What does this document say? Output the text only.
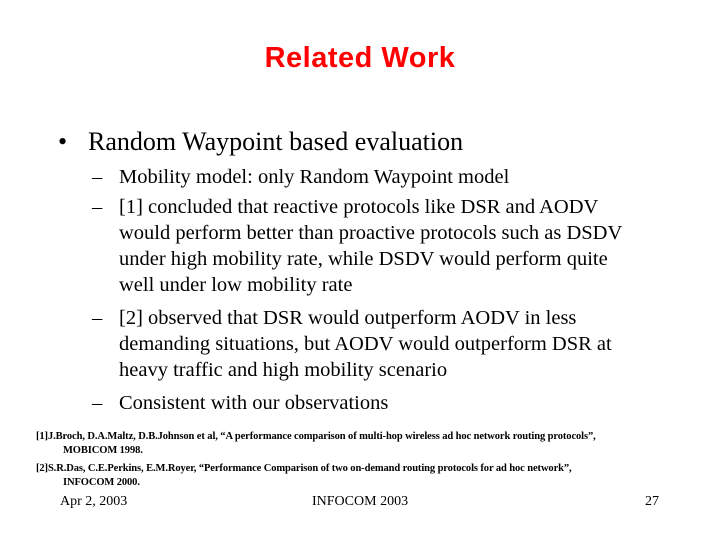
Related Work
• Random Waypoint based evaluation
– Mobility model: only Random Waypoint model
– [1] concluded that reactive protocols like DSR and AODV
would perform better than proactive protocols such as DSDV
under high mobility rate, while DSDV would perform quite
well under low mobility rate
– [2] observed that DSR would outperform AODV in less
demanding situations, but AODV would outperform DSR at
heavy traffic and high mobility scenario
– Consistent with our observations
[1]J.Broch, D.A.Maltz, D.B.Johnson et al, “A performance comparison of multi-hop wireless ad hoc network routing protocols”,
MOBICOM 1998.
[2]S.R.Das, C.E.Perkins, E.M.Royer, “Performance Comparison of two on-demand routing protocols for ad hoc network”,
INFOCOM 2000.
Apr 2, 2003	INFOCOM 2003	27
